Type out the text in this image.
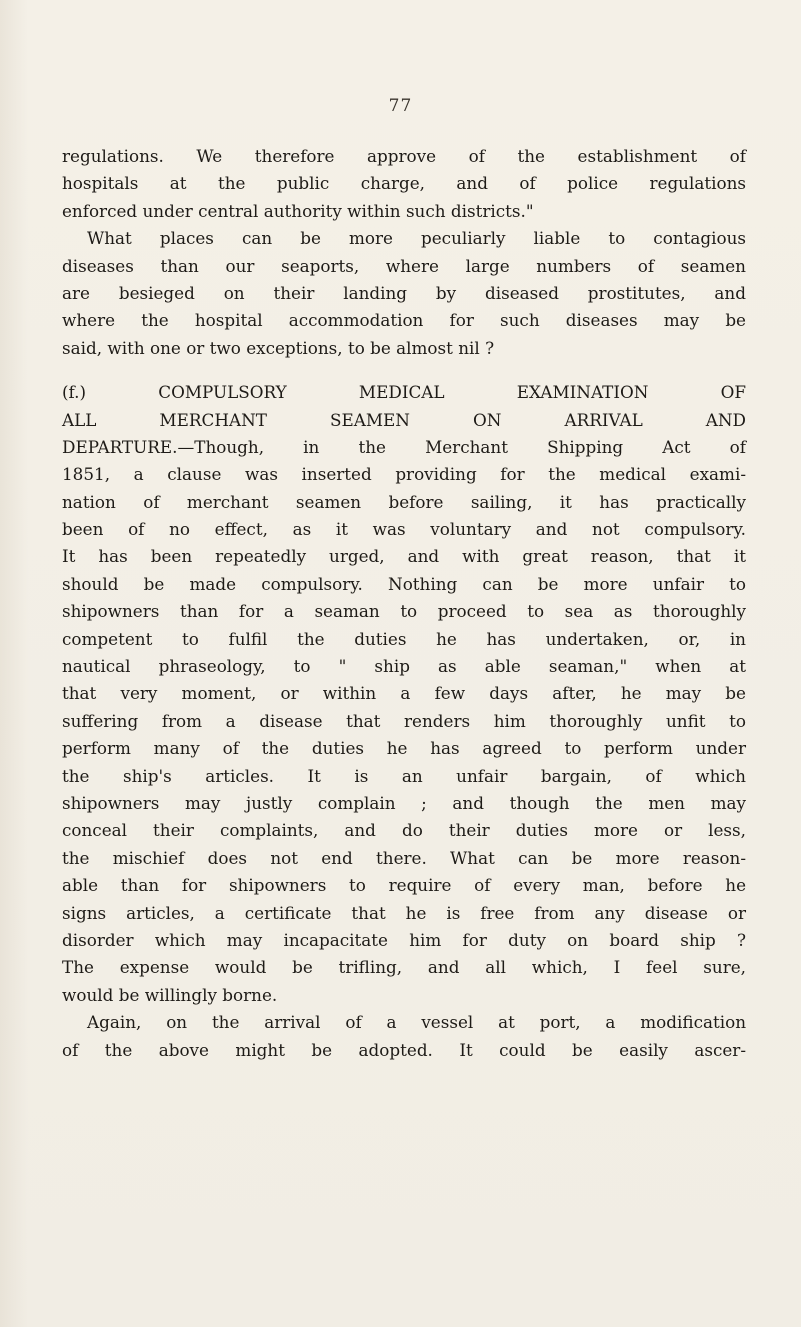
77
regulations. We therefore approve of the establishment of
hospitals at the public charge, and of police regulations
enforced under central authority within such districts."
What places can be more peculiarly liable to contagious
diseases than our seaports, where large numbers of seamen
are besieged on their landing by diseased prostitutes, and
where the hospital accommodation for such diseases may be
said, with one or two exceptions, to be almost nil ?
(f.) COMPULSORY MEDICAL EXAMINATION OF
ALL MERCHANT SEAMEN ON ARRIVAL AND
DEPARTURE.—Though, in the Merchant Shipping Act of
1851, a clause was inserted providing for the medical exami-
nation of merchant seamen before sailing, it has practically
been of no effect, as it was voluntary and not compulsory.
It has been repeatedly urged, and with great reason, that it
should be made compulsory. Nothing can be more unfair to
shipowners than for a seaman to proceed to sea as thoroughly
competent to fulfil the duties he has undertaken, or, in
nautical phraseology, to " ship as able seaman," when at
that very moment, or within a few days after, he may be
suffering from a disease that renders him thoroughly unfit to
perform many of the duties he has agreed to perform under
the ship's articles. It is an unfair bargain, of which
shipowners may justly complain ; and though the men may
conceal their complaints, and do their duties more or less,
the mischief does not end there. What can be more reason-
able than for shipowners to require of every man, before he
signs articles, a certificate that he is free from any disease or
disorder which may incapacitate him for duty on board ship ?
The expense would be trifling, and all which, I feel sure,
would be willingly borne.
Again, on the arrival of a vessel at port, a modification
of the above might be adopted. It could be easily ascer-
